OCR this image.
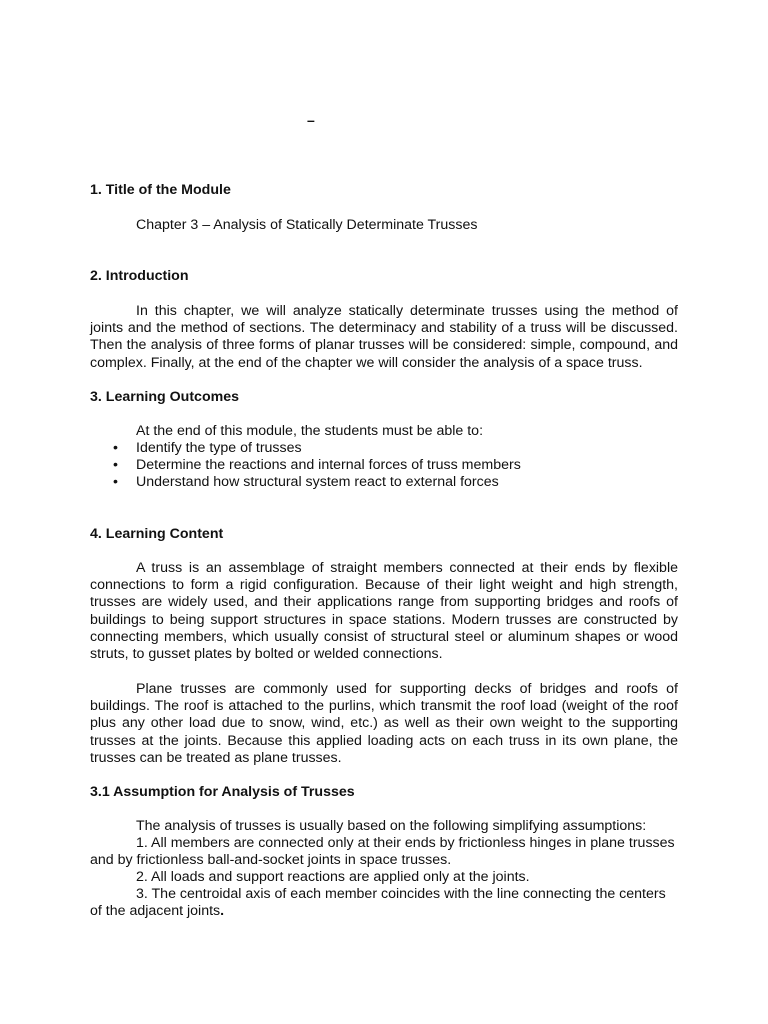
–
1. Title of the Module
Chapter 3 – Analysis of Statically Determinate Trusses
2. Introduction

In this chapter, we will analyze statically determinate trusses using the method of joints and the method of sections. The determinacy and stability of a truss will be discussed. Then the analysis of three forms of planar trusses will be considered: simple, compound, and complex. Finally, at the end of the chapter we will consider the analysis of a space truss.

3. Learning Outcomes
At the end of this module, the students must be able to:
• Identify the type of trusses
• Determine the reactions and internal forces of truss members
• Understand how structural system react to external forces
4. Learning Content

A truss is an assemblage of straight members connected at their ends by flexible connections to form a rigid configuration. Because of their light weight and high strength, trusses are widely used, and their applications range from supporting bridges and roofs of buildings to being support structures in space stations. Modern trusses are constructed by connecting members, which usually consist of structural steel or aluminum shapes or wood struts, to gusset plates by bolted or welded connections.

Plane trusses are commonly used for supporting decks of bridges and roofs of buildings. The roof is attached to the purlins, which transmit the roof load (weight of the roof plus any other load due to snow, wind, etc.) as well as their own weight to the supporting trusses at the joints. Because this applied loading acts on each truss in its own plane, the trusses can be treated as plane trusses.

3.1 Assumption for Analysis of Trusses
The analysis of trusses is usually based on the following simplifying assumptions:

1. All members are connected only at their ends by frictionless hinges in plane trusses and by frictionless ball-and-socket joints in space trusses.

2. All loads and support reactions are applied only at the joints.

3. The centroidal axis of each member coincides with the line connecting the centers of the adjacent joints.
